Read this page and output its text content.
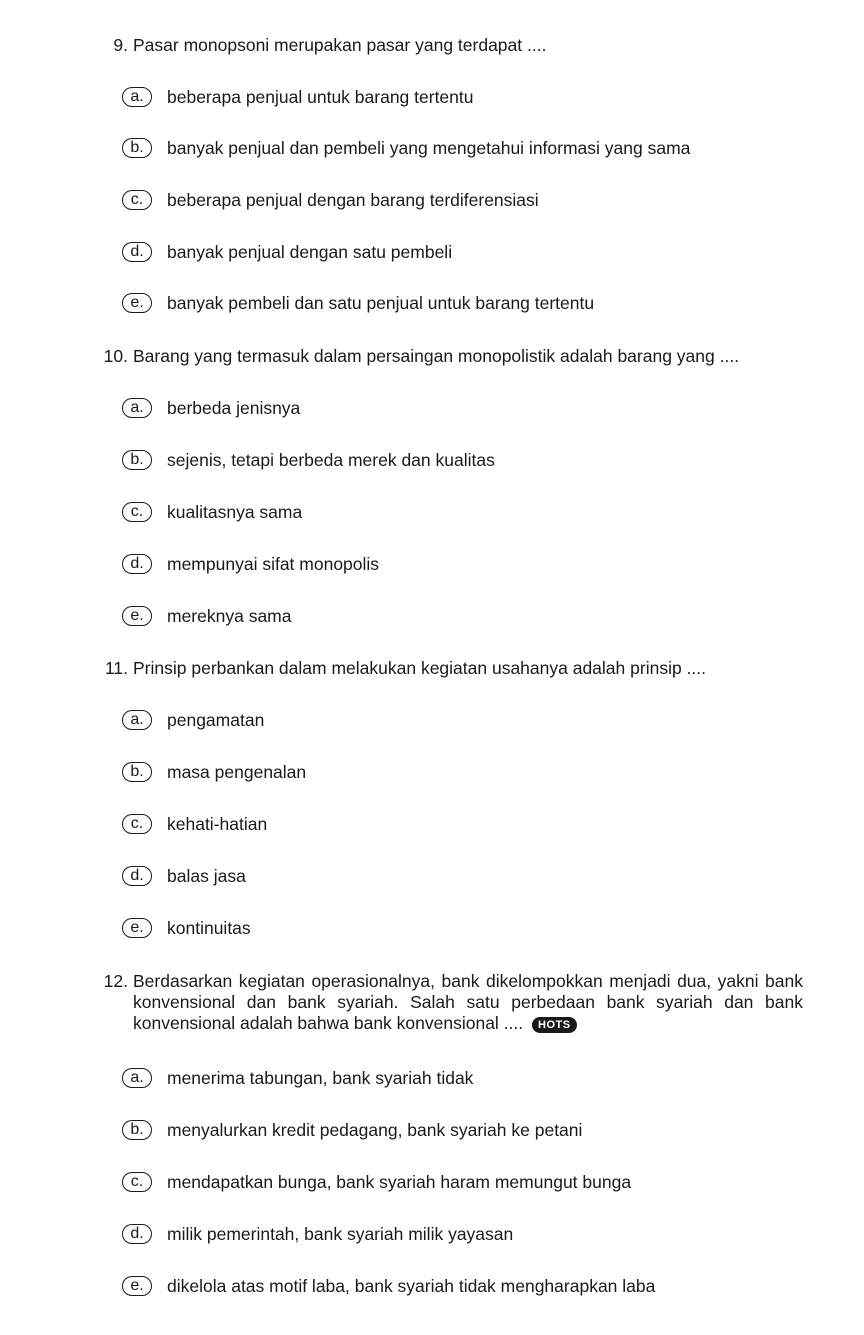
9. Pasar monopsoni merupakan pasar yang terdapat ....
a.	beberapa penjual untuk barang tertentu
b.	banyak penjual dan pembeli yang mengetahui informasi yang sama
c.	beberapa penjual dengan barang terdiferensiasi
d.	banyak penjual dengan satu pembeli
e.	banyak pembeli dan satu penjual untuk barang tertentu
10. Barang yang termasuk dalam persaingan monopolistik adalah barang yang ....
a.	berbeda jenisnya
b.	sejenis, tetapi berbeda merek dan kualitas
c.	kualitasnya sama
d.	mempunyai sifat monopolis
e.	mereknya sama
11. Prinsip perbankan dalam melakukan kegiatan usahanya adalah prinsip ....
a.	pengamatan
b.	masa pengenalan
c.	kehati-hatian
d.	balas jasa
e.	kontinuitas
12. Berdasarkan kegiatan operasionalnya, bank dikelompokkan menjadi dua, yakni bank konvensional dan bank syariah. Salah satu perbedaan bank syariah dan bank konvensional adalah bahwa bank konvensional .... HOTS
a.	menerima tabungan, bank syariah tidak
b.	menyalurkan kredit pedagang, bank syariah ke petani
c.	mendapatkan bunga, bank syariah haram memungut bunga
d.	milik pemerintah, bank syariah milik yayasan
e.	dikelola atas motif laba, bank syariah tidak mengharapkan laba
